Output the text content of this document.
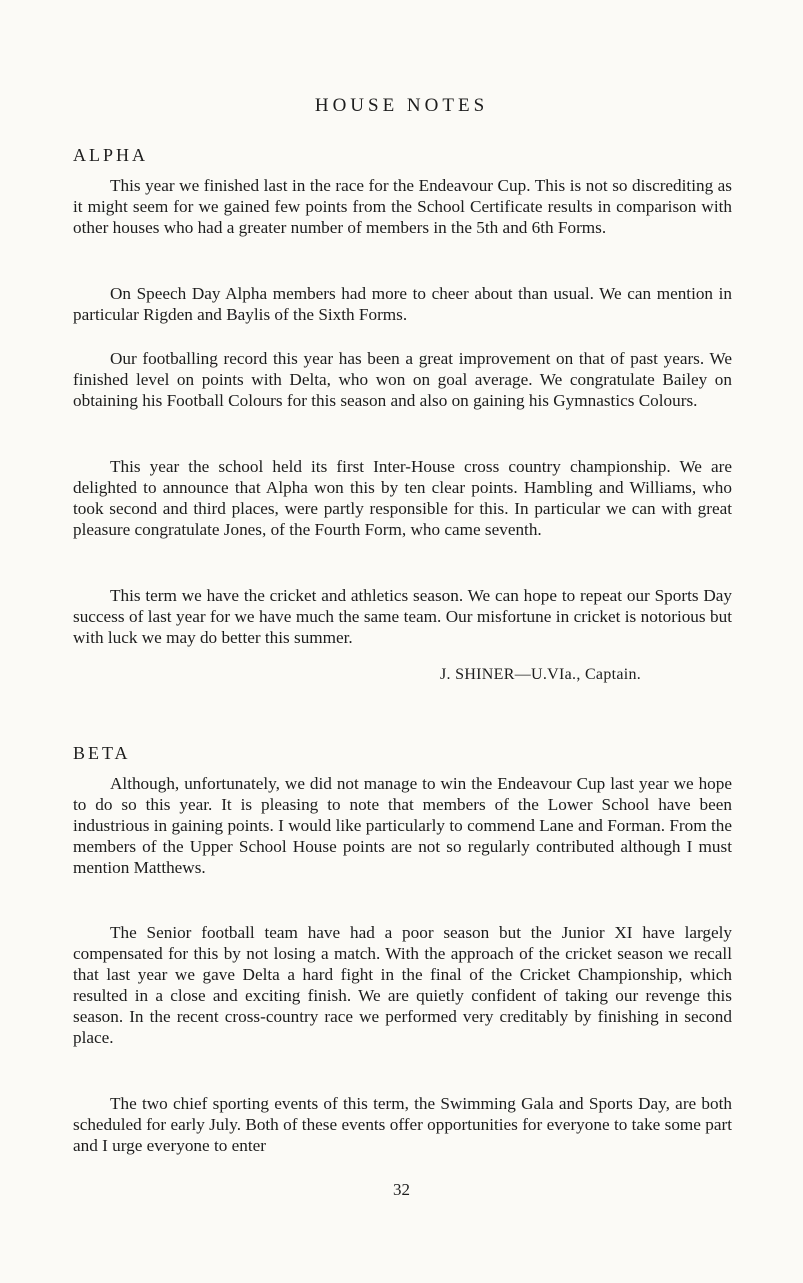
HOUSE NOTES
ALPHA

This year we finished last in the race for the Endeavour Cup. This is not so discrediting as it might seem for we gained few points from the School Certificate results in comparison with other houses who had a greater number of members in the 5th and 6th Forms.

On Speech Day Alpha members had more to cheer about than usual. We can mention in particular Rigden and Baylis of the Sixth Forms.

Our footballing record this year has been a great improvement on that of past years. We finished level on points with Delta, who won on goal average. We congratulate Bailey on obtaining his Football Colours for this season and also on gaining his Gymnastics Colours.

This year the school held its first Inter-House cross country championship. We are delighted to announce that Alpha won this by ten clear points. Hambling and Williams, who took second and third places, were partly responsible for this. In particular we can with great pleasure congratulate Jones, of the Fourth Form, who came seventh.

This term we have the cricket and athletics season. We can hope to repeat our Sports Day success of last year for we have much the same team. Our misfortune in cricket is notorious but with luck we may do better this summer.

J. SHINER—U.VIa., Captain.

BETA

Although, unfortunately, we did not manage to win the Endeavour Cup last year we hope to do so this year. It is pleasing to note that members of the Lower School have been industrious in gaining points. I would like particularly to commend Lane and Forman. From the members of the Upper School House points are not so regularly contributed although I must mention Matthews.

The Senior football team have had a poor season but the Junior XI have largely compensated for this by not losing a match. With the approach of the cricket season we recall that last year we gave Delta a hard fight in the final of the Cricket Championship, which resulted in a close and exciting finish. We are quietly confident of taking our revenge this season. In the recent cross-country race we performed very creditably by finishing in second place.

The two chief sporting events of this term, the Swimming Gala and Sports Day, are both scheduled for early July. Both of these events offer opportunities for everyone to take some part and I urge everyone to enter

32
